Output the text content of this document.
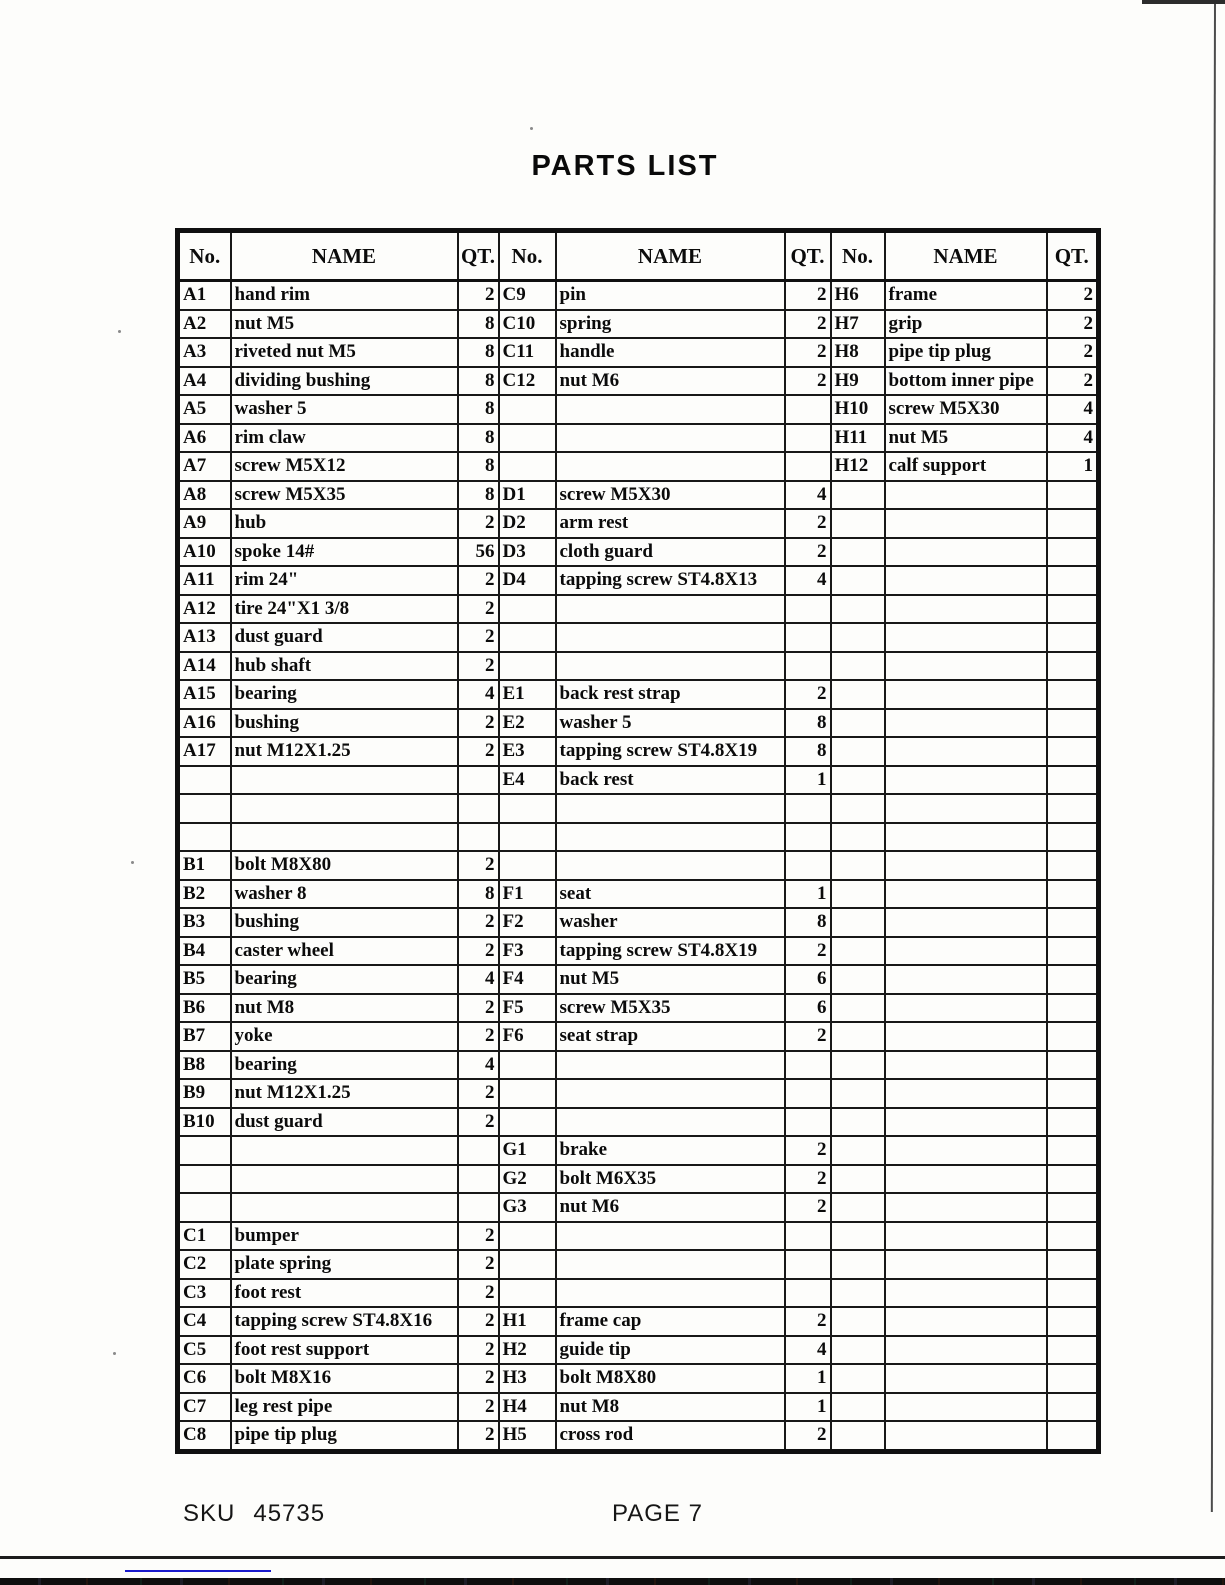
PARTS LIST
No.	NAME	QT.	No.	NAME	QT.	No.	NAME	QT.
A1	hand rim	2	C9	pin	2	H6	frame	2
A2	nut M5	8	C10	spring	2	H7	grip	2
A3	riveted nut M5	8	C11	handle	2	H8	pipe tip plug	2
A4	dividing bushing	8	C12	nut M6	2	H9	bottom inner pipe	2
A5	washer 5	8				H10	screw M5X30	4
A6	rim claw	8				H11	nut M5	4
A7	screw M5X12	8				H12	calf support	1
A8	screw M5X35	8	D1	screw M5X30	4			
A9	hub	2	D2	arm rest	2			
A10	spoke 14#	56	D3	cloth guard	2			
A11	rim 24"	2	D4	tapping screw ST4.8X13	4			
A12	tire 24"X1 3/8	2						
A13	dust guard	2						
A14	hub shaft	2						
A15	bearing	4	E1	back rest strap	2			
A16	bushing	2	E2	washer 5	8			
A17	nut M12X1.25	2	E3	tapping screw ST4.8X19	8			
			E4	back rest	1			

B1	bolt M8X80	2						
B2	washer 8	8	F1	seat	1			
B3	bushing	2	F2	washer	8			
B4	caster wheel	2	F3	tapping screw ST4.8X19	2			
B5	bearing	4	F4	nut M5	6			
B6	nut M8	2	F5	screw M5X35	6			
B7	yoke	2	F6	seat strap	2			
B8	bearing	4						
B9	nut M12X1.25	2						
B10	dust guard	2						
			G1	brake	2			
			G2	bolt M6X35	2			
			G3	nut M6	2			
C1	bumper	2						
C2	plate spring	2						
C3	foot rest	2						
C4	tapping screw ST4.8X16	2	H1	frame cap	2			
C5	foot rest support	2	H2	guide tip	4			
C6	bolt M8X16	2	H3	bolt M8X80	1			
C7	leg rest pipe	2	H4	nut M8	1			
C8	pipe tip plug	2	H5	cross rod	2			
SKU 45735	PAGE 7
